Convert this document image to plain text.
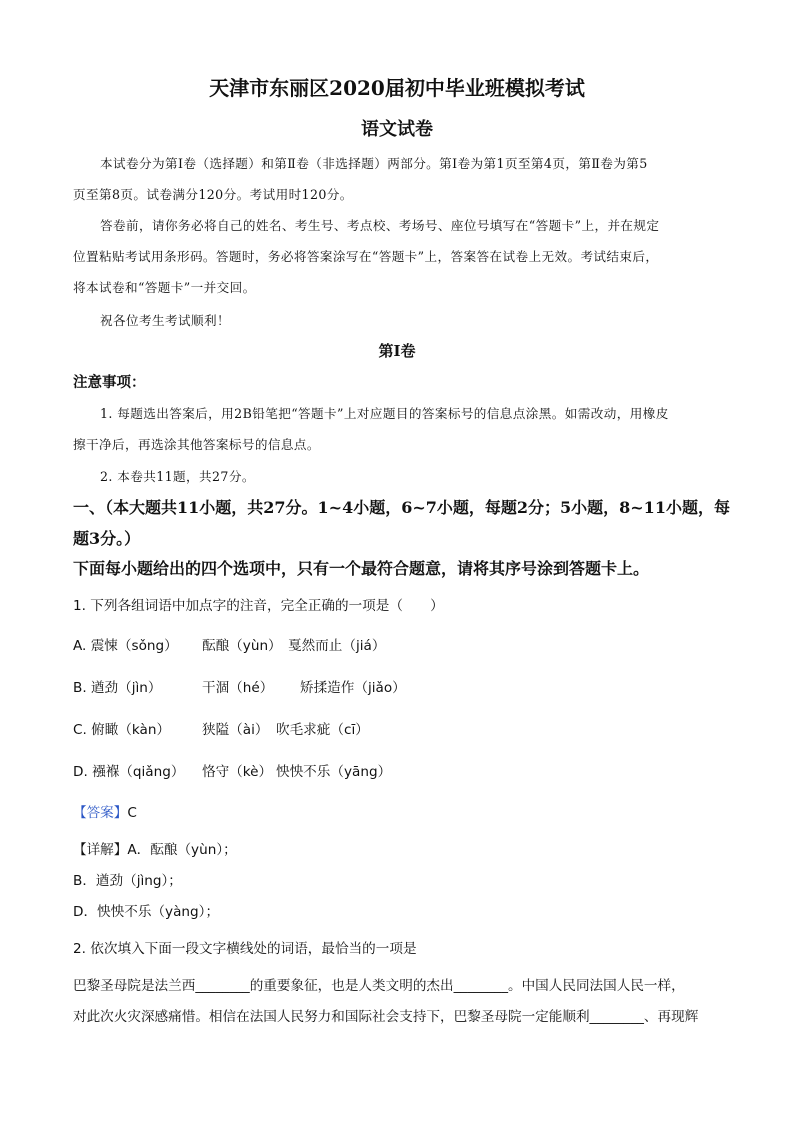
天津市东丽区2020届初中毕业班模拟考试
语文试卷
本试卷分为第Ⅰ卷（选择题）和第Ⅱ卷（非选择题）两部分。第Ⅰ卷为第1页至第4页，第Ⅱ卷为第5
页至第8页。试卷满分120分。考试用时120分。
答卷前，请你务必将自己的姓名、考生号、考点校、考场号、座位号填写在“答题卡”上，并在规定
位置粘贴考试用条形码。答题时，务必将答案涂写在“答题卡”上，答案答在试卷上无效。考试结束后，
将本试卷和“答题卡”一并交回。
祝各位考生考试顺利！
第Ⅰ卷
注意事项：
1. 每题选出答案后，用2B铅笔把“答题卡”上对应题目的答案标号的信息点涂黑。如需改动，用橡皮
擦干净后，再选涂其他答案标号的信息点。
2. 本卷共11题，共27分。
一、（本大题共11小题，共27分。1~4小题，6~7小题，每题2分；5小题，8~11小题，每
题3分。）
下面每小题给出的四个选项中，只有一个最符合题意，请将其序号涂到答题卡上。
1. 下列各组词语中加点字的注音，完全正确的一项是（　　）
A. 震悚（sǒng） 酝酿（yùn） 戛然而止（jiá）
B. 遒劲（jìn）	干涸（hé） 矫揉造作（jiǎo）
C. 俯瞰（kàn） 狭隘（ài） 吹毛求疵（cī）
D. 襁褓（qiǎng） 恪守（kè） 怏怏不乐（yāng）
【答案】C
【详解】A．酝酿（yùn）；
B．遒劲（jìng）；
D．怏怏不乐（yàng）；
2. 依次填入下面一段文字横线处的词语，最恰当的一项是
巴黎圣母院是法兰西________的重要象征，也是人类文明的杰出________。中国人民同法国人民一样，
对此次火灾深感痛惜。相信在法国人民努力和国际社会支持下，巴黎圣母院一定能顺利________、再现辉
